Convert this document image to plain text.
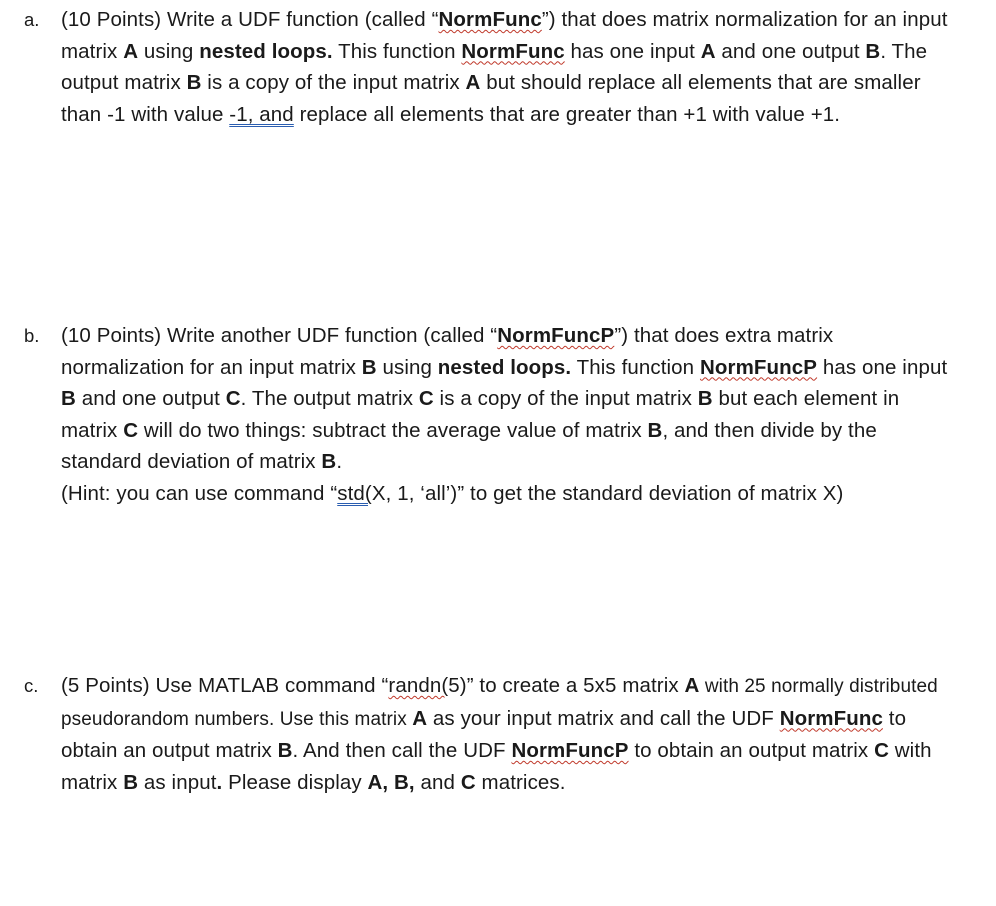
a. (10 Points) Write a UDF function (called “NormFunc”) that does matrix normalization for an input matrix A using nested loops. This function NormFunc has one input A and one output B. The output matrix B is a copy of the input matrix A but should replace all elements that are smaller than -1 with value -1, and replace all elements that are greater than +1 with value +1.
b. (10 Points) Write another UDF function (called “NormFuncP”) that does extra matrix normalization for an input matrix B using nested loops. This function NormFuncP has one input B and one output C. The output matrix C is a copy of the input matrix B but each element in matrix C will do two things: subtract the average value of matrix B, and then divide by the standard deviation of matrix B.
(Hint: you can use command “std(X, 1, ‘all’)” to get the standard deviation of matrix X)
c. (5 Points) Use MATLAB command “randn(5)” to create a 5x5 matrix A with 25 normally distributed pseudorandom numbers. Use this matrix A as your input matrix and call the UDF NormFunc to obtain an output matrix B. And then call the UDF NormFuncP to obtain an output matrix C with matrix B as input. Please display A, B, and C matrices.
